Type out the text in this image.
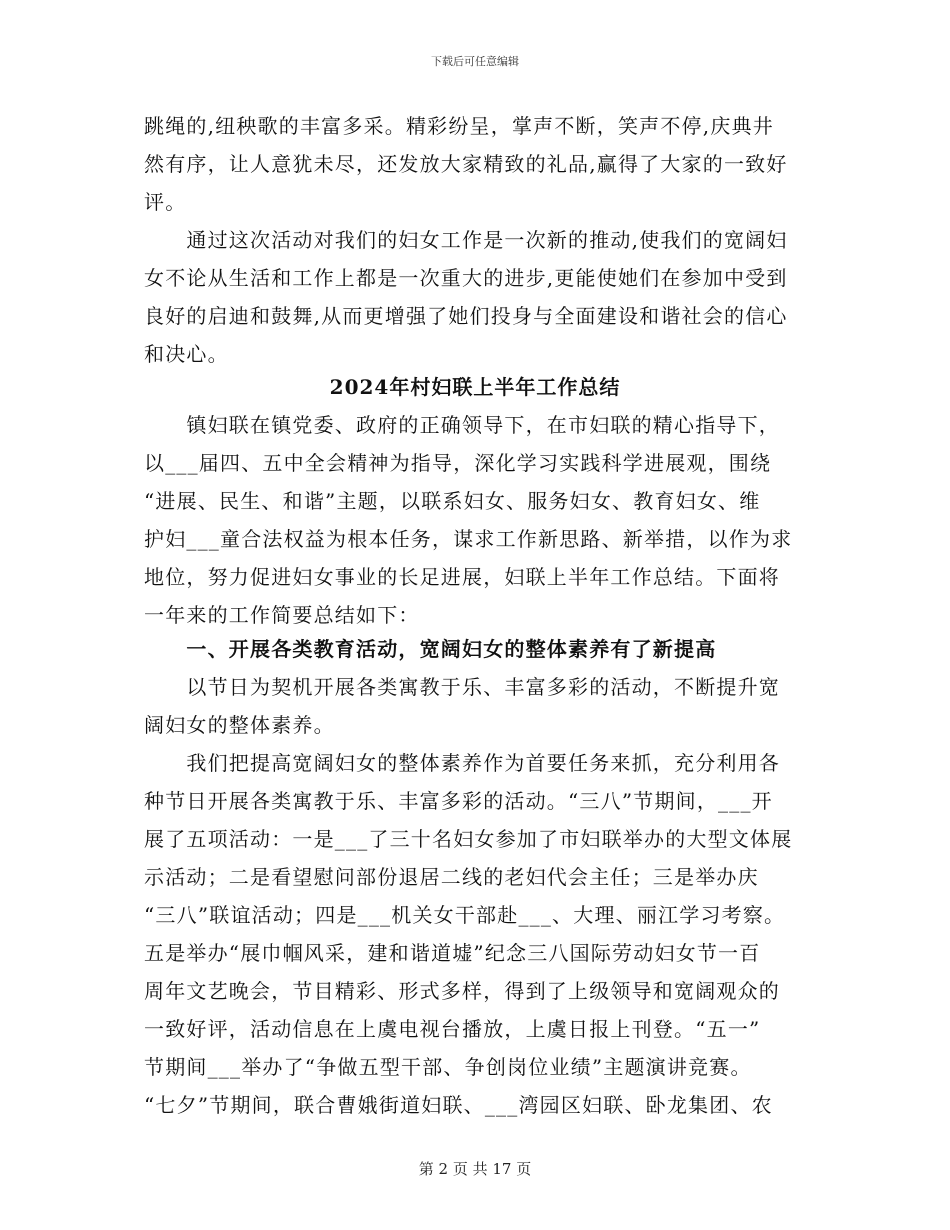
下载后可任意编辑
跳绳的,纽秧歌的丰富多采。精彩纷呈，掌声不断，笑声不停,庆典井
然有序，让人意犹未尽，还发放大家精致的礼品,赢得了大家的一致好
评。
　　通过这次活动对我们的妇女工作是一次新的推动,使我们的宽阔妇
女不论从生活和工作上都是一次重大的进步,更能使她们在参加中受到
良好的启迪和鼓舞,从而更增强了她们投身与全面建设和谐社会的信心
和决心。
2024年村妇联上半年工作总结
　　镇妇联在镇党委、政府的正确领导下，在市妇联的精心指导下，
以___届四、五中全会精神为指导，深化学习实践科学进展观，围绕
“进展、民生、和谐”主题，以联系妇女、服务妇女、教育妇女、维
护妇___童合法权益为根本任务，谋求工作新思路、新举措，以作为求
地位，努力促进妇女事业的长足进展，妇联上半年工作总结。下面将
一年来的工作简要总结如下：
　　一、开展各类教育活动，宽阔妇女的整体素养有了新提高
　　以节日为契机开展各类寓教于乐、丰富多彩的活动，不断提升宽
阔妇女的整体素养。
　　我们把提高宽阔妇女的整体素养作为首要任务来抓，充分利用各
种节日开展各类寓教于乐、丰富多彩的活动。“三八”节期间，___开
展了五项活动：一是___了三十名妇女参加了市妇联举办的大型文体展
示活动；二是看望慰问部份退居二线的老妇代会主任；三是举办庆
“三八”联谊活动；四是___机关女干部赴___、大理、丽江学习考察。
五是举办“展巾帼风采，建和谐道墟”纪念三八国际劳动妇女节一百
周年文艺晚会，节目精彩、形式多样，得到了上级领导和宽阔观众的
一致好评，活动信息在上虞电视台播放，上虞日报上刊登。“五一”
节期间___举办了“争做五型干部、争创岗位业绩”主题演讲竞赛。
“七夕”节期间，联合曹娥街道妇联、___湾园区妇联、卧龙集团、农
第 2 页 共 17 页
